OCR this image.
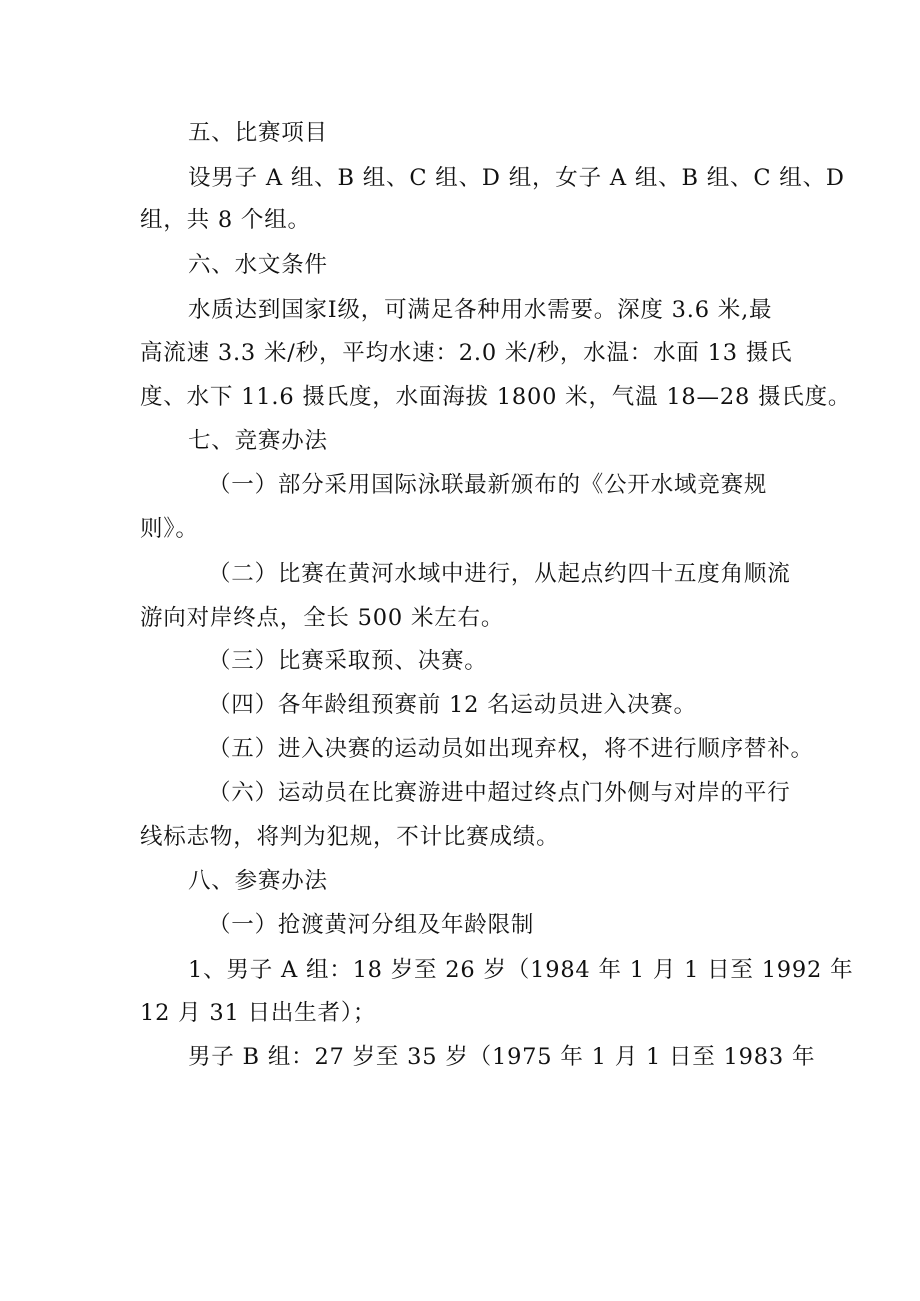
五、比赛项目
设男子 A 组、B 组、C 组、D 组，女子 A 组、B 组、C 组、D
组，共 8 个组。
六、水文条件
水质达到国家Ⅰ级，可满足各种用水需要。深度 3.6 米,最
高流速 3.3 米/秒，平均水速：2.0 米/秒，水温：水面 13 摄氏
度、水下 11.6 摄氏度，水面海拔 1800 米，气温 18—28 摄氏度。
七、竞赛办法
（一）部分采用国际泳联最新颁布的《公开水域竞赛规
则》。
（二）比赛在黄河水域中进行，从起点约四十五度角顺流
游向对岸终点，全长 500 米左右。
（三）比赛采取预、决赛。
（四）各年龄组预赛前 12 名运动员进入决赛。
（五）进入决赛的运动员如出现弃权，将不进行顺序替补。
（六）运动员在比赛游进中超过终点门外侧与对岸的平行
线标志物，将判为犯规，不计比赛成绩。
八、参赛办法
（一）抢渡黄河分组及年龄限制
1、男子 A 组：18 岁至 26 岁（1984 年 1 月 1 日至 1992 年
12 月 31 日出生者）；
男子 B 组：27 岁至 35 岁（1975 年 1 月 1 日至 1983 年
